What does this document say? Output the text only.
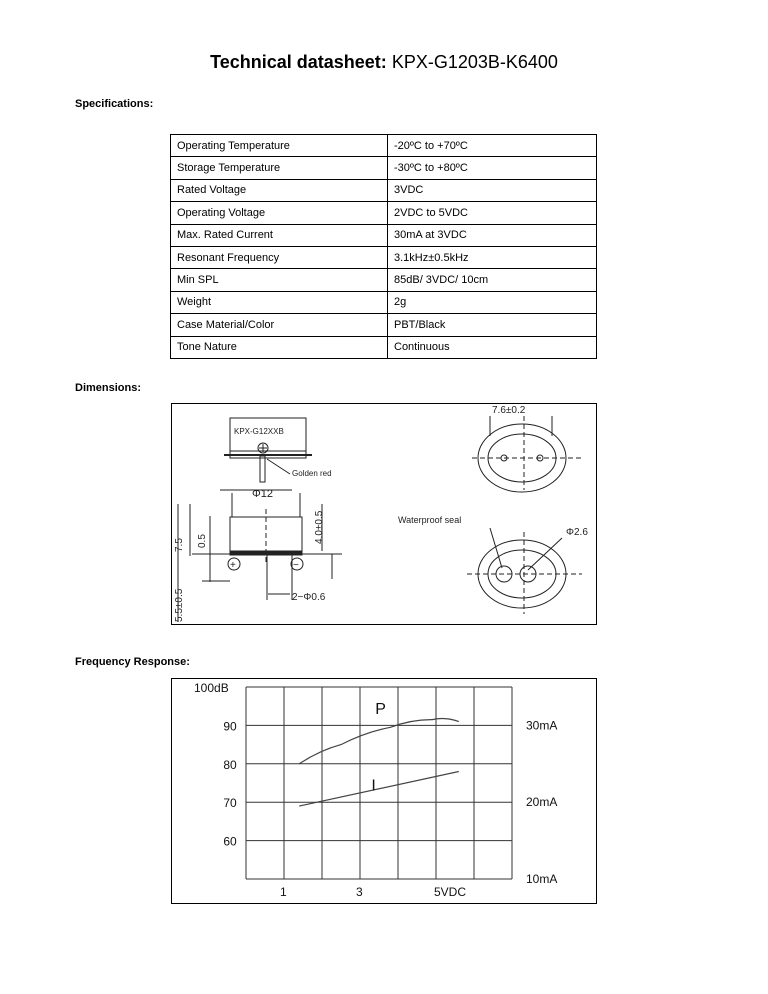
Technical datasheet: KPX-G1203B-K6400
Specifications:
Operating Temperature	-20ºC to +70ºC
Storage Temperature	-30ºC to +80ºC
Rated Voltage	3VDC
Operating Voltage	2VDC to 5VDC
Max. Rated Current	30mA at 3VDC
Resonant Frequency	3.1kHz±0.5kHz
Min SPL	85dB/ 3VDC/ 10cm
Weight	2g
Case Material/Color	PBT/Black
Tone Nature	Continuous
Dimensions:
KPX-G12XXB
Golden red
Φ12
7.5 0.5	4.0±0.5
5.5±0.5	2−Φ0.6
7.6±0.2
Waterproof seal
Φ2.6
+	−
Frequency Response:
100dB
90
80
70
60
30mA
20mA
10mA
1	3	5VDC
P
I
